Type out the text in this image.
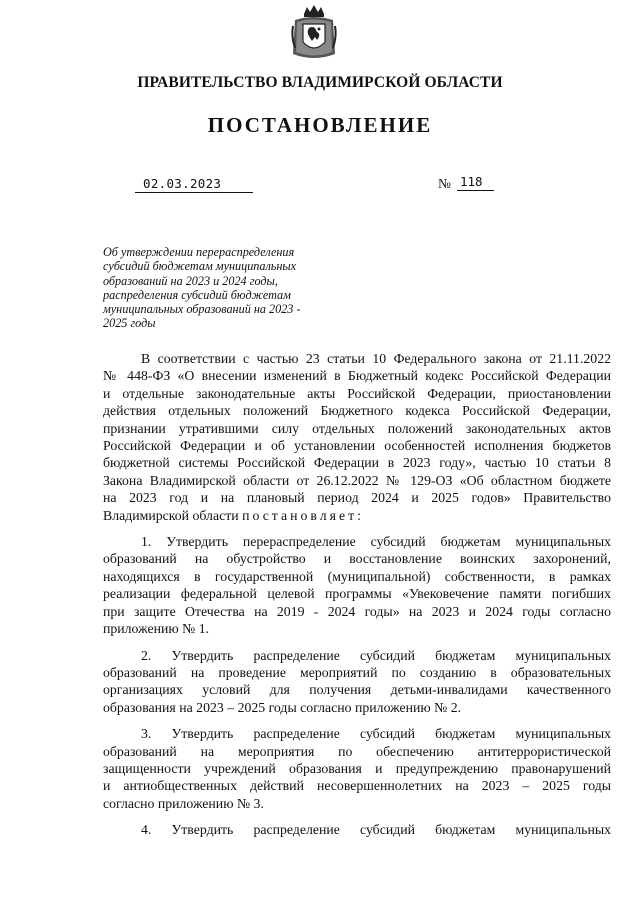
ПРАВИТЕЛЬСТВО ВЛАДИМИРСКОЙ ОБЛАСТИ
ПОСТАНОВЛЕНИЕ
02.03.2023	№ 118
Об утверждении перераспределения
субсидий бюджетам муниципальных
образований на 2023 и 2024 годы,
распределения субсидий бюджетам
муниципальных образований на 2023 -
2025 годы
В соответствии с частью 23 статьи 10 Федерального закона от 21.11.2022
№ 448-ФЗ «О внесении изменений в Бюджетный кодекс Российской Федерации
и отдельные законодательные акты Российской Федерации, приостановлении
действия отдельных положений Бюджетного кодекса Российской Федерации,
признании утратившими силу отдельных положений законодательных актов
Российской Федерации и об установлении особенностей исполнения бюджетов
бюджетной системы Российской Федерации в 2023 году», частью 10 статьи 8
Закона Владимирской области от 26.12.2022 № 129-ОЗ «Об областном бюджете
на 2023 год и на плановый период 2024 и 2025 годов» Правительство
Владимирской области постановляет:
1. Утвердить перераспределение субсидий бюджетам муниципальных
образований на обустройство и восстановление воинских захоронений,
находящихся в государственной (муниципальной) собственности, в рамках
реализации федеральной целевой программы «Увековечение памяти погибших
при защите Отечества на 2019 - 2024 годы» на 2023 и 2024 годы согласно
приложению № 1.
2. Утвердить распределение субсидий бюджетам муниципальных
образований на проведение мероприятий по созданию в образовательных
организациях условий для получения детьми-инвалидами качественного
образования на 2023 – 2025 годы согласно приложению № 2.
3. Утвердить распределение субсидий бюджетам муниципальных
образований на мероприятия по обеспечению антитеррористической
защищенности учреждений образования и предупреждению правонарушений
и антиобщественных действий несовершеннолетних на 2023 – 2025 годы
согласно приложению № 3.
4. Утвердить распределение субсидий бюджетам муниципальных
